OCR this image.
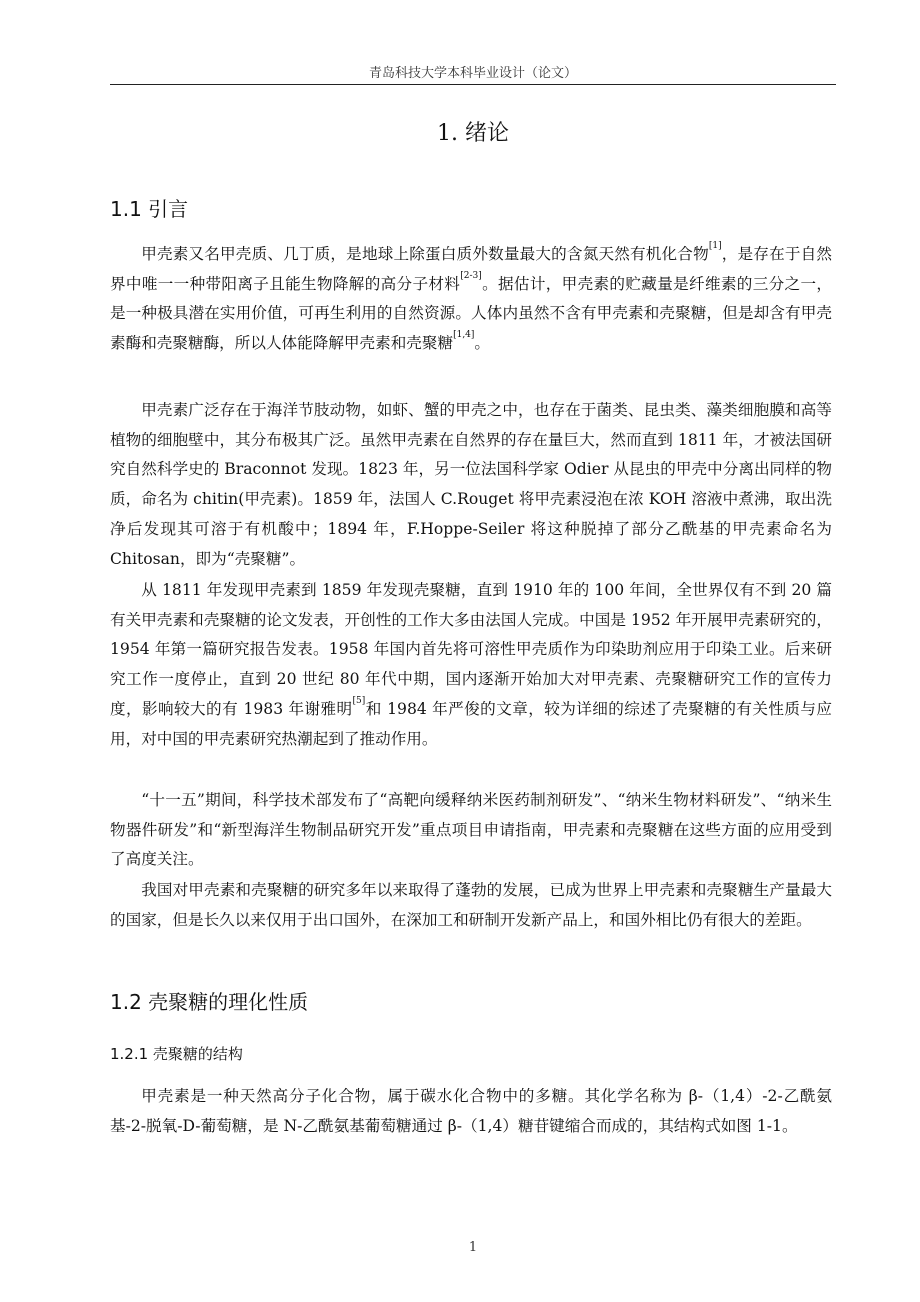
青岛科技大学本科毕业设计（论文）
1. 绪论
1.1 引言

甲壳素又名甲壳质、几丁质，是地球上除蛋白质外数量最大的含氮天然有机化合物[1]，是存在于自然界中唯一一种带阳离子且能生物降解的高分子材料[2-3]。据估计，甲壳素的贮藏量是纤维素的三分之一，是一种极具潜在实用价值，可再生利用的自然资源。人体内虽然不含有甲壳素和壳聚糖，但是却含有甲壳素酶和壳聚糖酶，所以人体能降解甲壳素和壳聚糖[1,4]。

甲壳素广泛存在于海洋节肢动物，如虾、蟹的甲壳之中，也存在于菌类、昆虫类、藻类细胞膜和高等植物的细胞壁中，其分布极其广泛。虽然甲壳素在自然界的存在量巨大，然而直到 1811 年，才被法国研究自然科学史的 Braconnot 发现。1823 年，另一位法国科学家 Odier 从昆虫的甲壳中分离出同样的物质，命名为 chitin(甲壳素)。1859 年，法国人 C.Rouget 将甲壳素浸泡在浓 KOH 溶液中煮沸，取出洗净后发现其可溶于有机酸中；1894 年，F.Hoppe-Seiler 将这种脱掉了部分乙酰基的甲壳素命名为 Chitosan，即为“壳聚糖”。

从 1811 年发现甲壳素到 1859 年发现壳聚糖，直到 1910 年的 100 年间，全世界仅有不到 20 篇有关甲壳素和壳聚糖的论文发表，开创性的工作大多由法国人完成。中国是 1952 年开展甲壳素研究的，1954 年第一篇研究报告发表。1958 年国内首先将可溶性甲壳质作为印染助剂应用于印染工业。后来研究工作一度停止，直到 20 世纪 80 年代中期，国内逐渐开始加大对甲壳素、壳聚糖研究工作的宣传力度，影响较大的有 1983 年谢雅明[5]和 1984 年严俊的文章，较为详细的综述了壳聚糖的有关性质与应用，对中国的甲壳素研究热潮起到了推动作用。

“十一五”期间，科学技术部发布了“高靶向缓释纳米医药制剂研发”、“纳米生物材料研发”、“纳米生物器件研发”和“新型海洋生物制品研究开发”重点项目申请指南，甲壳素和壳聚糖在这些方面的应用受到了高度关注。

我国对甲壳素和壳聚糖的研究多年以来取得了蓬勃的发展，已成为世界上甲壳素和壳聚糖生产量最大的国家，但是长久以来仅用于出口国外，在深加工和研制开发新产品上，和国外相比仍有很大的差距。

1.2 壳聚糖的理化性质
1.2.1 壳聚糖的结构

甲壳素是一种天然高分子化合物，属于碳水化合物中的多糖。其化学名称为 β-（1,4）-2-乙酰氨基-2-脱氧-D-葡萄糖，是 N-乙酰氨基葡萄糖通过 β-（1,4）糖苷键缩合而成的，其结构式如图 1-1。

1
